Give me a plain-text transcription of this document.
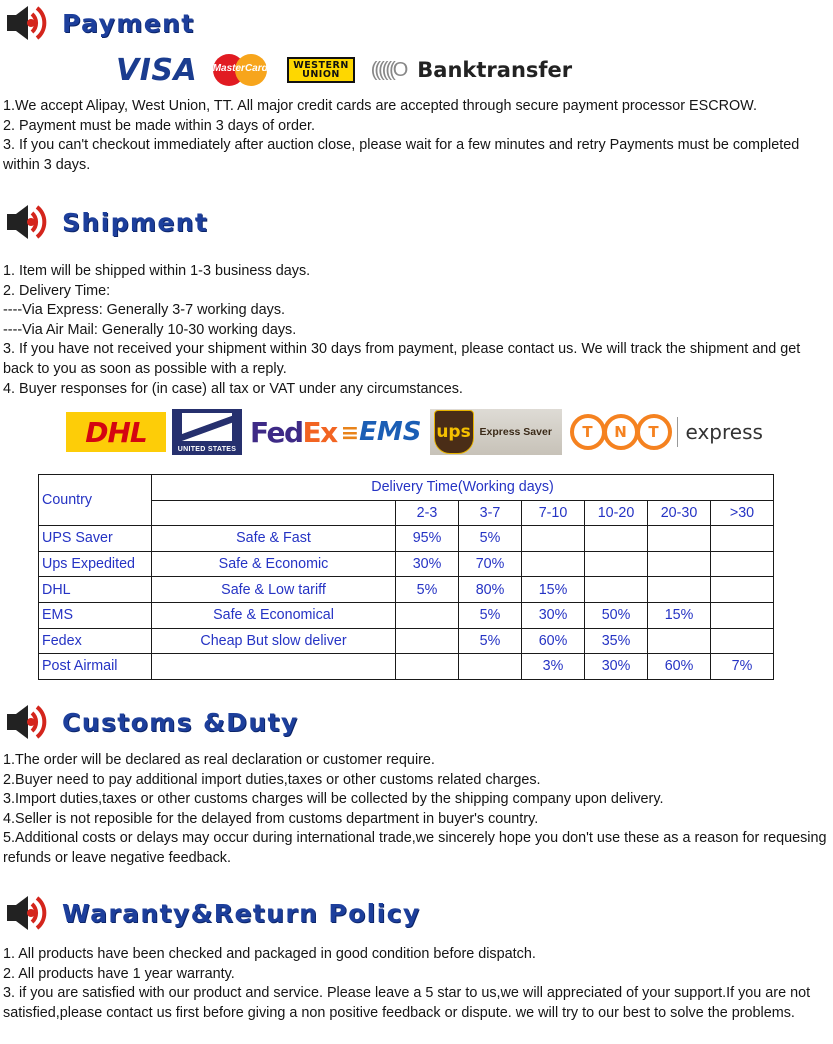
Payment
VISA MasterCard	WESTERN
UNION	((((((O Banktransfer

1.We accept Alipay, West Union, TT. All major credit cards are accepted through secure payment processor ESCROW.

2. Payment must be made within 3 days of order.

3. If you can't checkout immediately after auction close, please wait for a few minutes and retry Payments must be completed within 3 days.

Shipment

1. Item will be shipped within 1-3 business days.

2. Delivery Time:

----Via Express: Generally 3-7 working days.

----Via Air Mail: Generally 10-30 working days.

3. If you have not received your shipment within 30 days from payment, please contact us. We will track the shipment and get back to you as soon as possible with a reply.

4. Buyer responses for (in case) all tax or VAT under any circumstances.

DHL
UNITED STATES
FedEx ≡EMS ups Express Saver	T	N	T	express
Country	Delivery Time(Working days)						
		2-3	3-7	7-10	10-20	20-30	>30
UPS Saver	Safe & Fast	95%	5%				
Ups Expedited	Safe & Economic	30%	70%				
DHL	Safe & Low tariff	5%	80%	15%			
EMS	Safe & Economical		5%	30%	50%	15%	
Fedex	Cheap But slow deliver		5%	60%	35%		
Post Airmail				3%	30%	60%	7%
Customs &Duty

1.The order will be declared as real declaration or customer require.

2.Buyer need to pay additional import duties,taxes or other customs related charges.

3.Import duties,taxes or other customs charges will be collected by the shipping company upon delivery.

4.Seller is not reposible for the delayed from customs department in buyer's country.

5.Additional costs or delays may occur during international trade,we sincerely hope you don't use these as a reason for requesing refunds or leave negative feedback.

Waranty&Return Policy

1. All products have been checked and packaged in good condition before dispatch.

2. All products have 1 year warranty.

3. if you are satisfied with our product and service. Please leave a 5 star to us,we will appreciated of your support.If you are not satisfied,please contact us first before giving a non positive feedback or dispute. we will try to our best to solve the problems.
